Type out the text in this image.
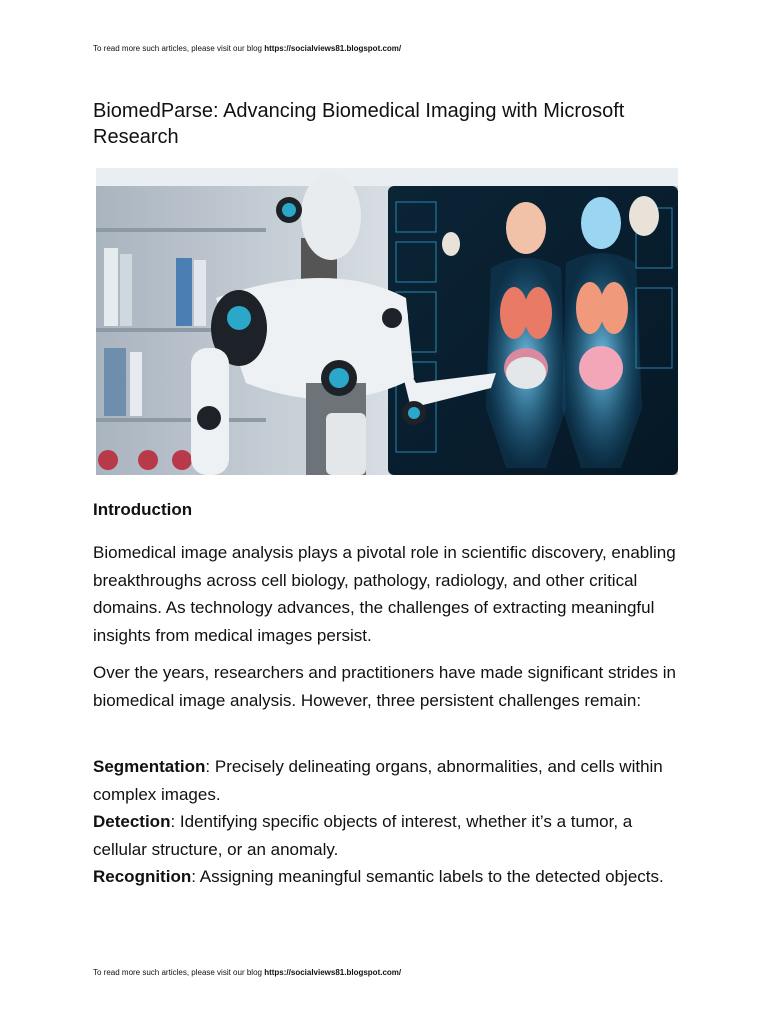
To read more such articles, please visit our blog https://socialviews81.blogspot.com/
BiomedParse: Advancing Biomedical Imaging with Microsoft Research
Introduction

Biomedical image analysis plays a pivotal role in scientific discovery, enabling breakthroughs across cell biology, pathology, radiology, and other critical domains. As technology advances, the challenges of extracting meaningful insights from medical images persist.

Over the years, researchers and practitioners have made significant strides in biomedical image analysis. However, three persistent challenges remain:

Segmentation: Precisely delineating organs, abnormalities, and cells within complex images.
Detection: Identifying specific objects of interest, whether it’s a tumor, a cellular structure, or an anomaly.
Recognition: Assigning meaningful semantic labels to the detected objects.
To read more such articles, please visit our blog https://socialviews81.blogspot.com/
